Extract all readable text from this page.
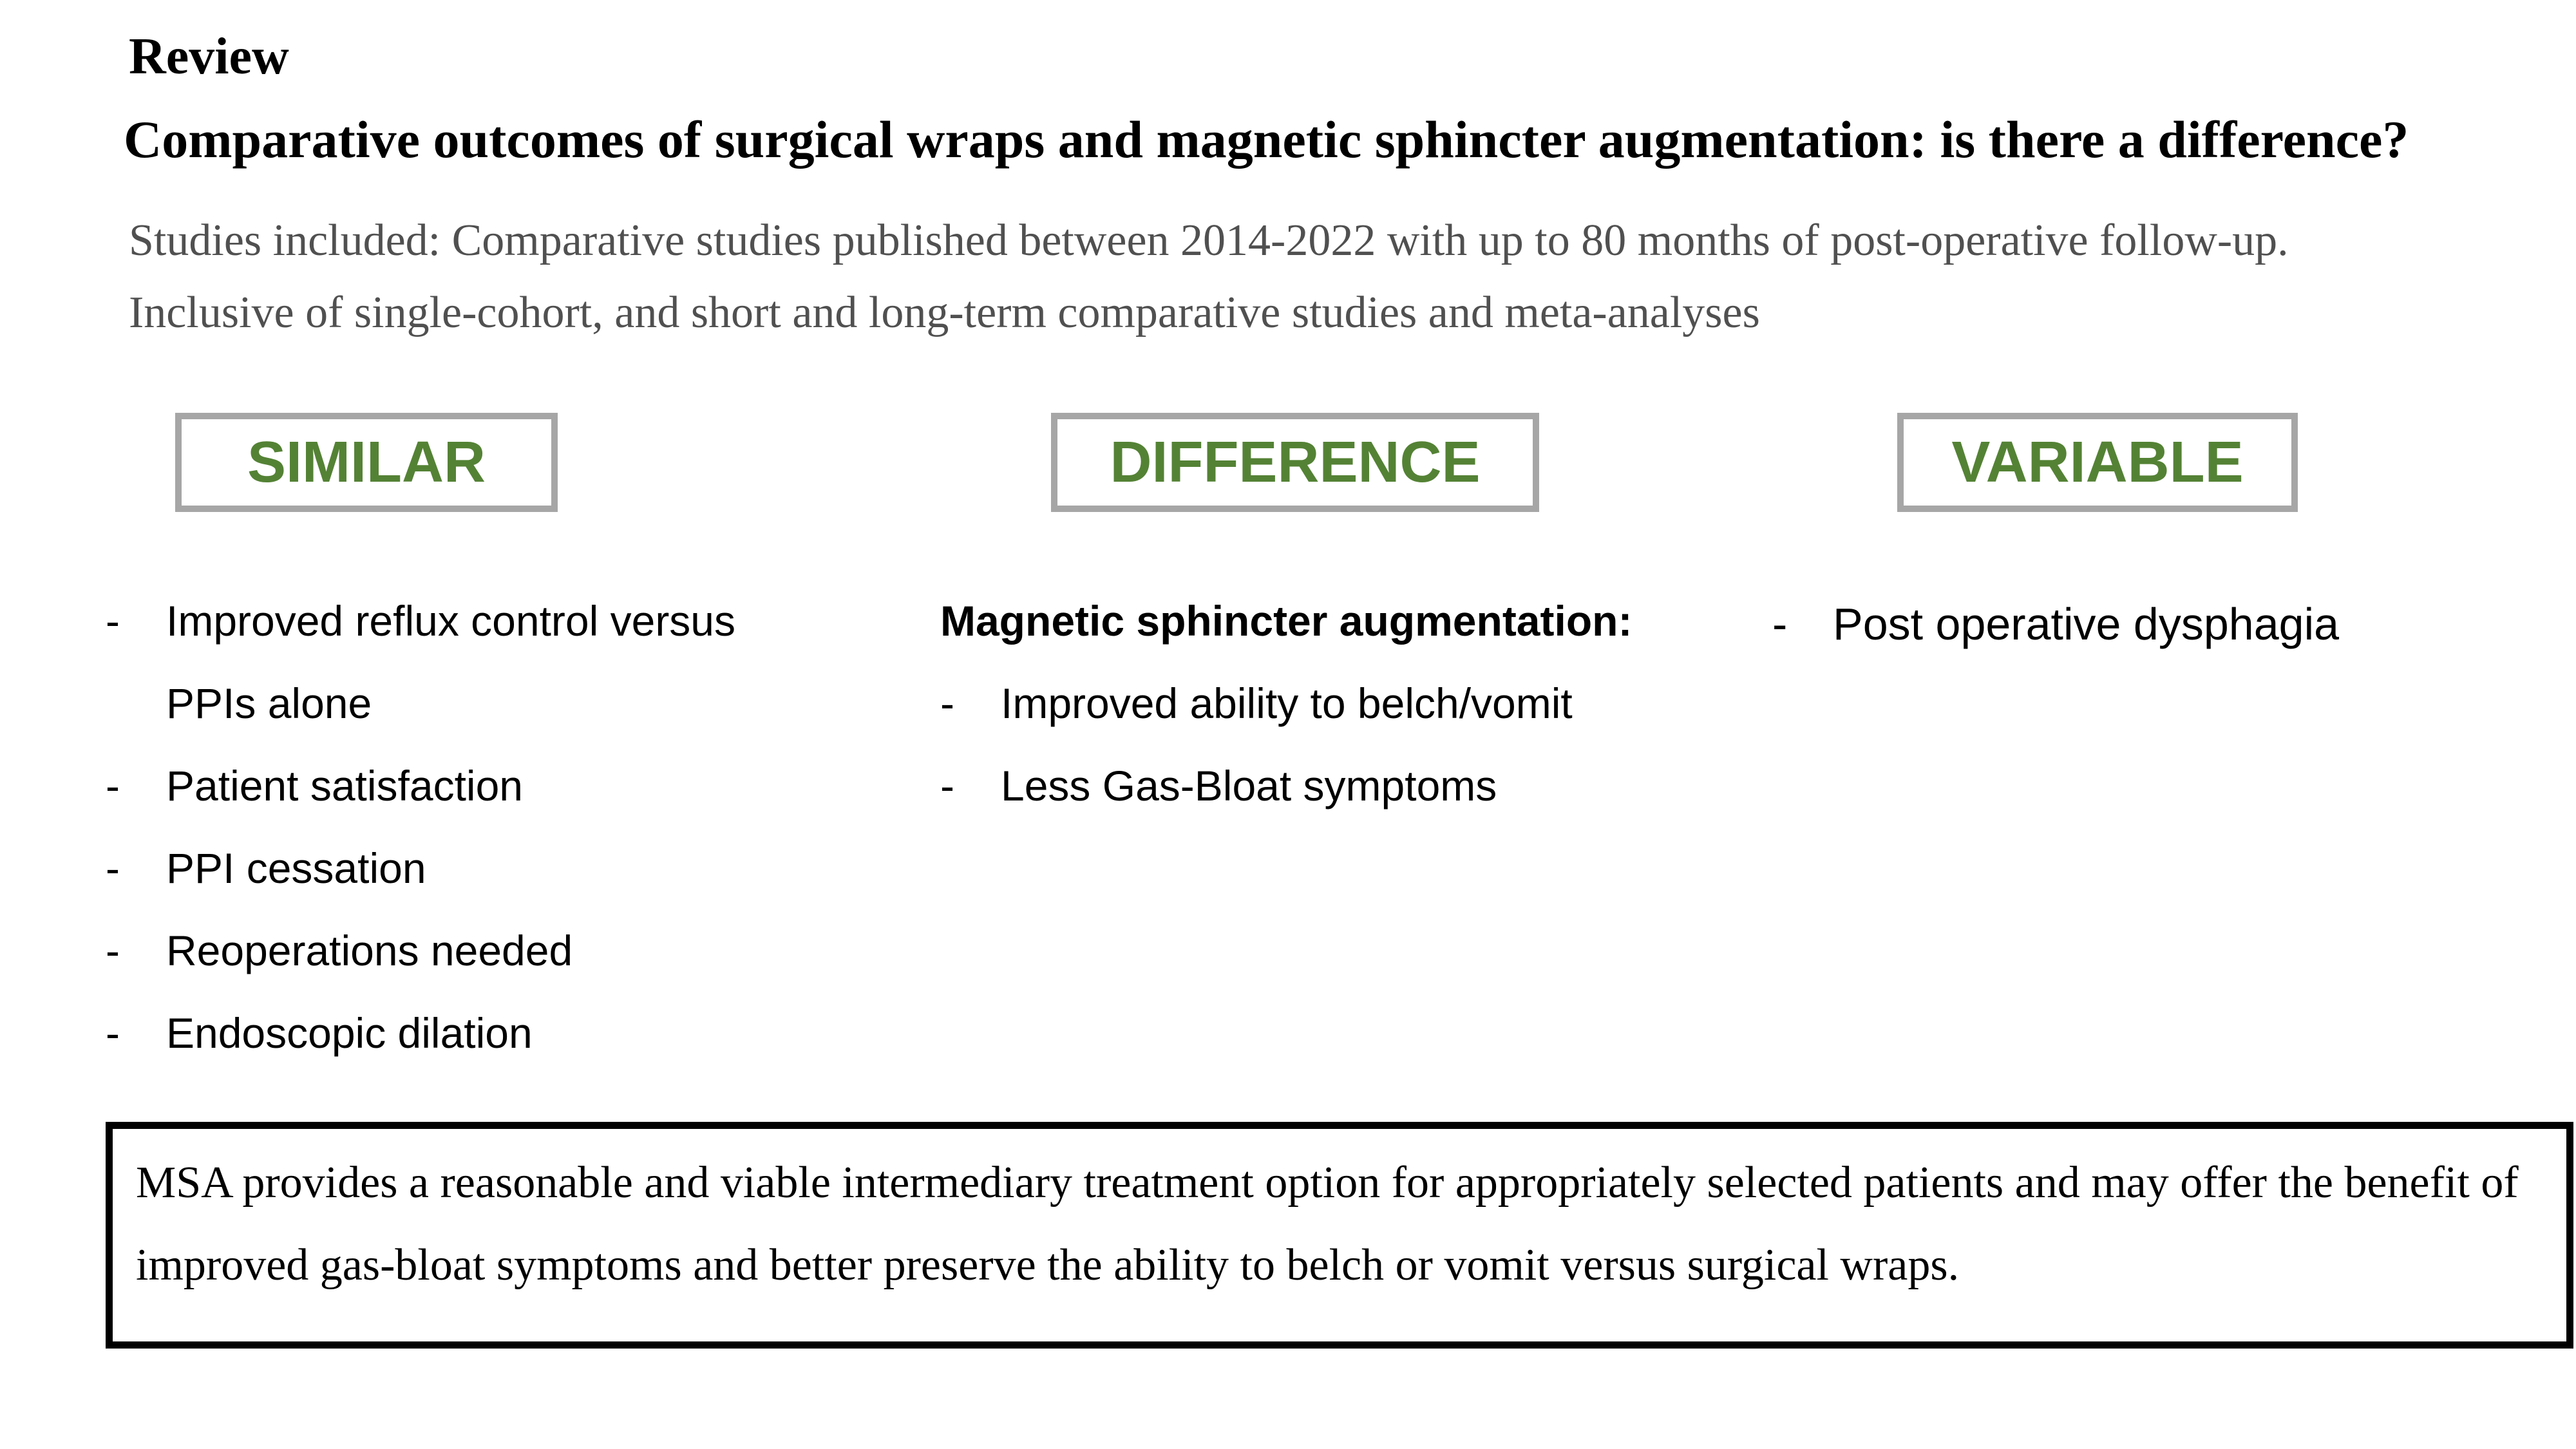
Review
Comparative outcomes of surgical wraps and magnetic sphincter augmentation: is there a difference?
Studies included: Comparative studies published between 2014-2022 with up to 80 months of post-operative follow-up.
Inclusive of single-cohort, and short and long-term comparative studies and meta-analyses
SIMILAR	DIFFERENCE	VARIABLE
-	Improved reflux control versus PPIs alone
-	Patient satisfaction
-	PPI cessation
-	Reoperations needed
-	Endoscopic dilation
Magnetic sphincter augmentation:
-	Improved ability to belch/vomit
-	Less Gas-Bloat symptoms
-	Post operative dysphagia
MSA provides a reasonable and viable intermediary treatment option for appropriately selected patients and may offer the benefit of improved gas-bloat symptoms and better preserve the ability to belch or vomit versus surgical wraps.
